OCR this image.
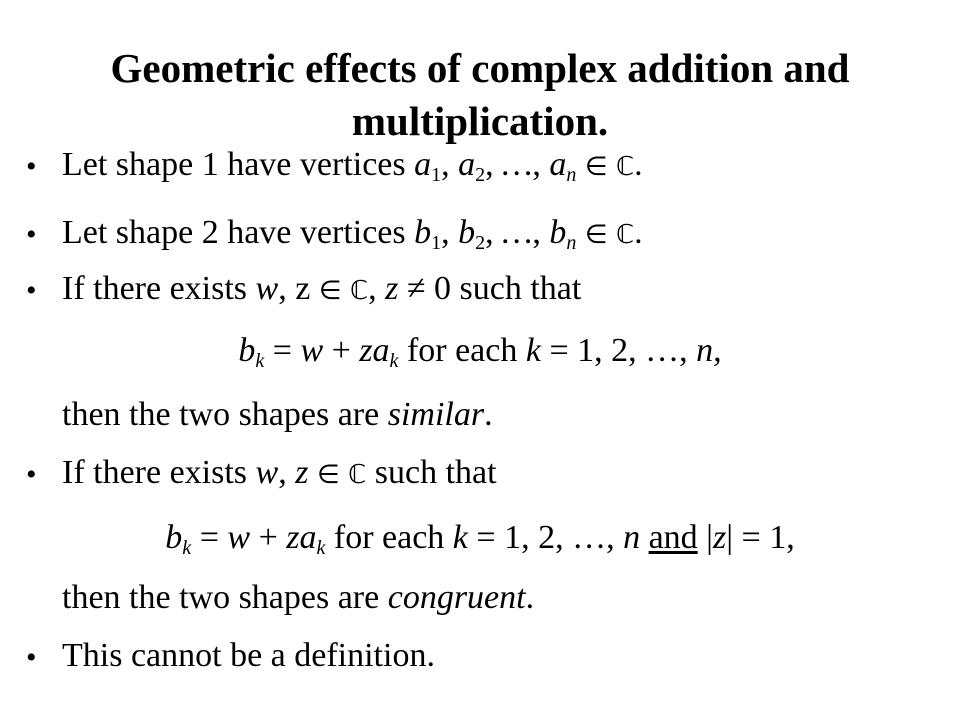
Geometric effects of complex addition and multiplication.
• Let shape 1 have vertices $a_1$, $a_2$, …, $a_n$ ∈ ℂ.
• Let shape 2 have vertices $b_1$, $b_2$, …, $b_n$ ∈ ℂ.
• If there exists w, z ∈ ℂ, z ≠ 0 such that
$b_k = w + za_k$ for each k = 1, 2, …, n,
then the two shapes are similar.
• If there exists w, z ∈ ℂ such that
$b_k = w + za_k$ for each k = 1, 2, …, n and |z| = 1,
then the two shapes are congruent.
• This cannot be a definition.
